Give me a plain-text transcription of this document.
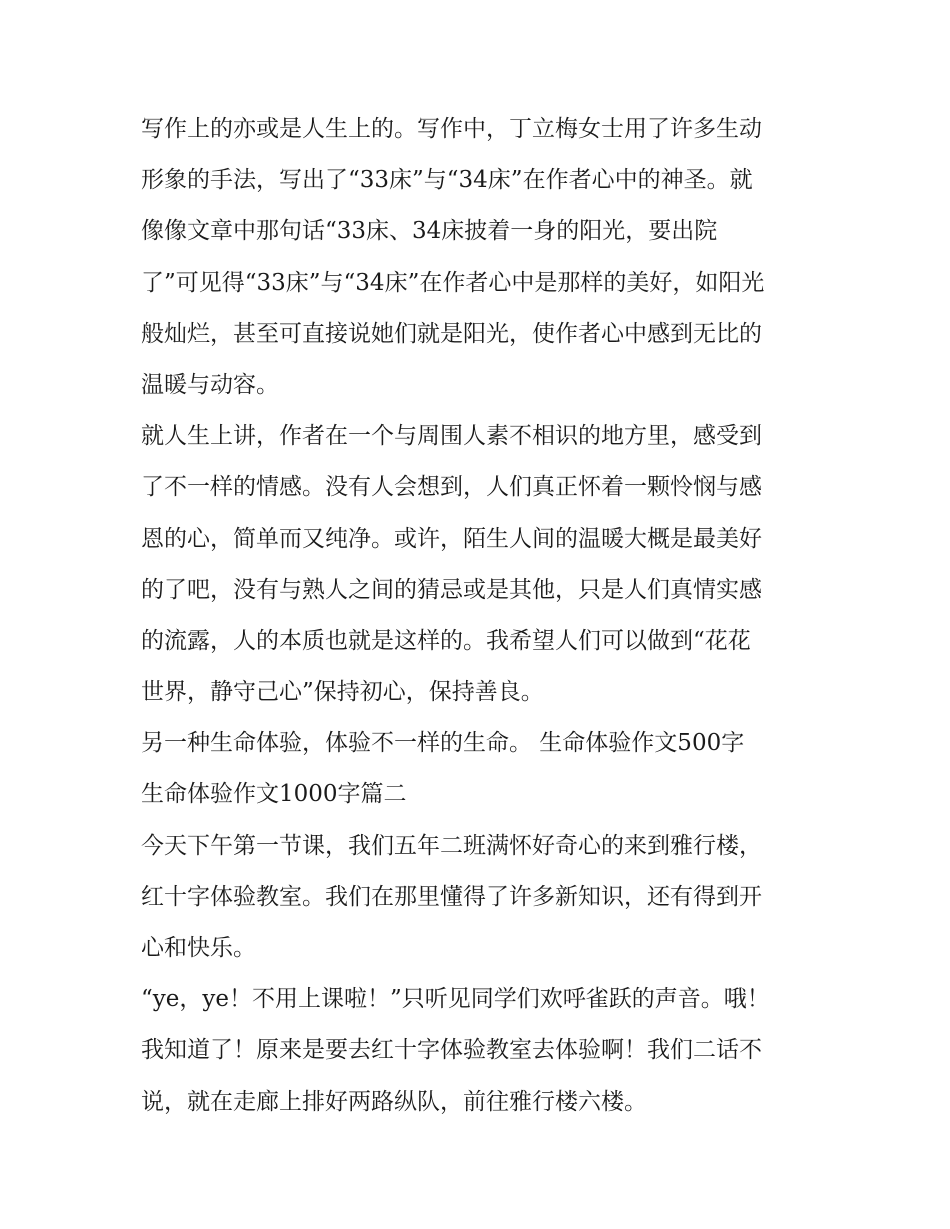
写作上的亦或是人生上的。写作中，丁立梅女士用了许多生动
形象的手法，写出了“33床”与“34床”在作者心中的神圣。就
像像文章中那句话“33床、34床披着一身的阳光，要出院
了”可见得“33床”与“34床”在作者心中是那样的美好，如阳光
般灿烂，甚至可直接说她们就是阳光，使作者心中感到无比的
温暖与动容。
就人生上讲，作者在一个与周围人素不相识的地方里，感受到
了不一样的情感。没有人会想到，人们真正怀着一颗怜悯与感
恩的心，简单而又纯净。或许，陌生人间的温暖大概是最美好
的了吧，没有与熟人之间的猜忌或是其他，只是人们真情实感
的流露，人的本质也就是这样的。我希望人们可以做到“花花
世界，静守己心”保持初心，保持善良。
另一种生命体验，体验不一样的生命。 生命体验作文500字
生命体验作文1000字篇二
今天下午第一节课，我们五年二班满怀好奇心的来到雅行楼，
红十字体验教室。我们在那里懂得了许多新知识，还有得到开
心和快乐。
“ye，ye！不用上课啦！”只听见同学们欢呼雀跃的声音。哦！
我知道了！原来是要去红十字体验教室去体验啊！我们二话不
说，就在走廊上排好两路纵队，前往雅行楼六楼。
